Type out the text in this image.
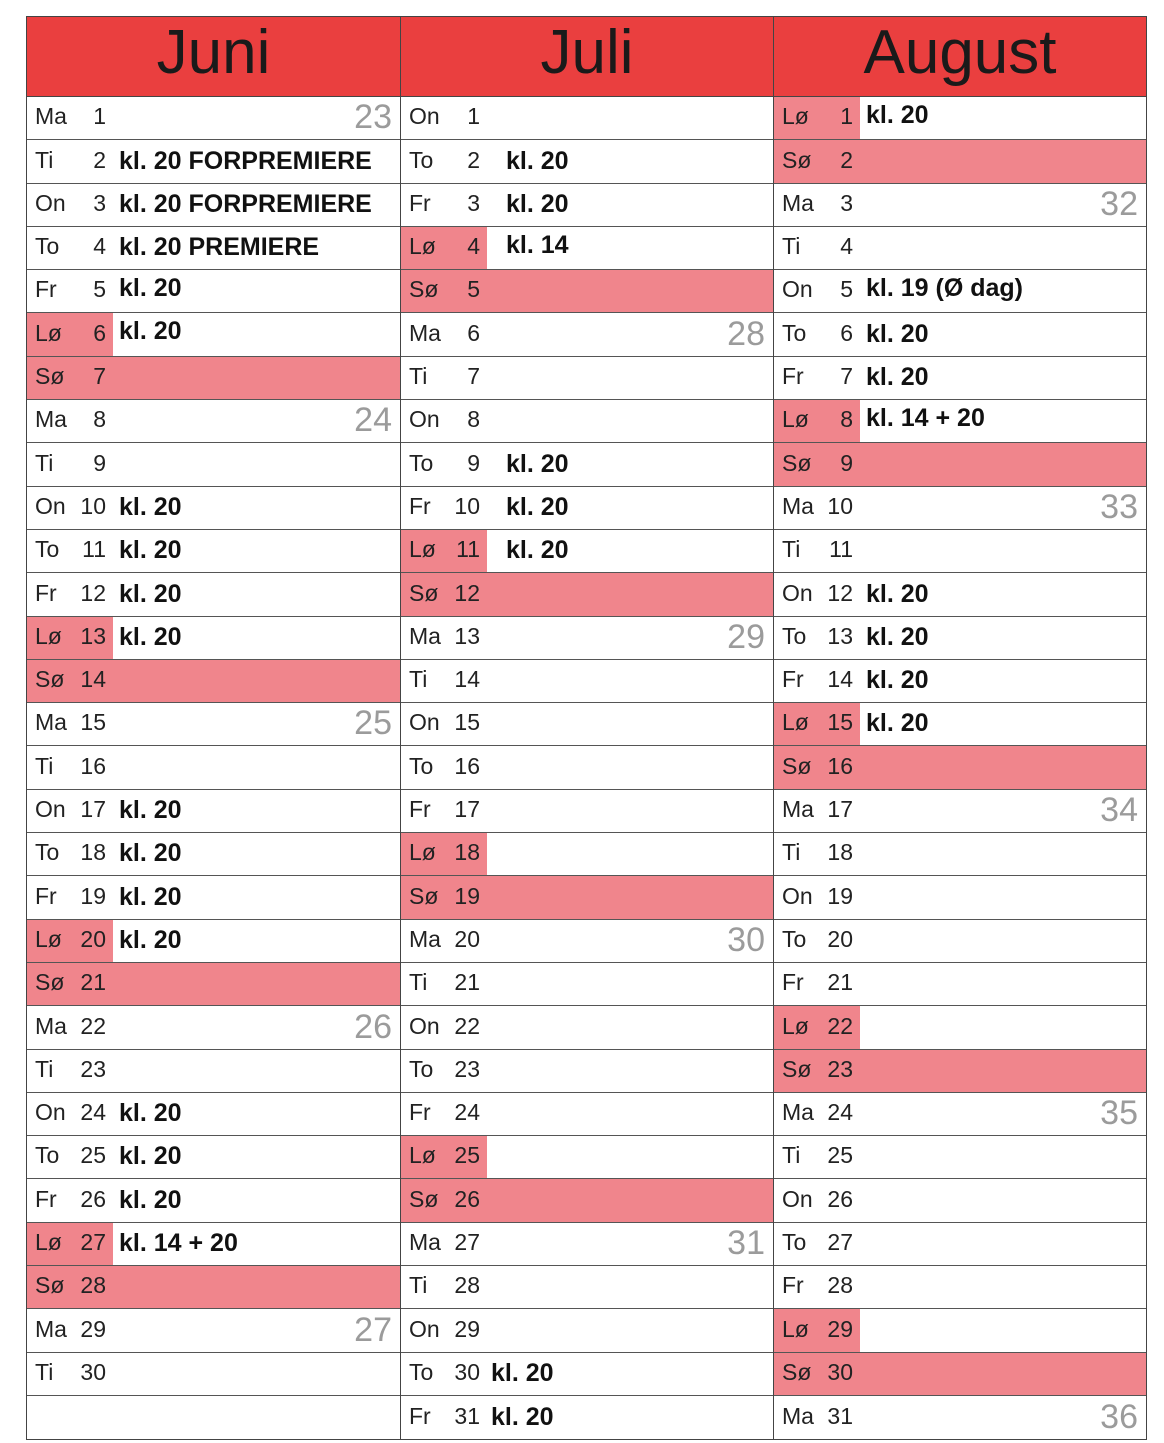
Juni
Ma	1	23
Ti	2 kl. 20 FORPREMIERE
On	3 kl. 20 FORPREMIERE
To	4 kl. 20 PREMIERE
Fr	5 kl. 20
Lø	6 kl. 20
Sø	7
Ma	8	24
Ti	9
On 10 kl. 20
To 11 kl. 20
Fr	12 kl. 20
Lø 13 kl. 20
Sø 14
Ma 15	25
Ti	16
On 17 kl. 20
To 18 kl. 20
Fr	19 kl. 20
Lø 20 kl. 20
Sø 21
Ma 22	26
Ti	23
On 24 kl. 20
To 25 kl. 20
Fr	26 kl. 20
Lø 27 kl. 14 + 20
Sø 28
Ma 29	27
Ti	30
Juli
On	1
To	2 kl. 20
Fr	3 kl. 20
Lø	4 kl. 14
Sø	5
Ma	6	28
Ti	7
On	8
To	9 kl. 20
Fr	10 kl. 20
Lø 11 kl. 20
Sø 12
Ma 13	29
Ti	14
On 15
To 16
Fr	17
Lø 18
Sø 19
Ma 20	30
Ti	21
On 22
To 23
Fr	24
Lø 25
Sø 26
Ma 27	31
Ti	28
On 29
To 30 kl. 20
Fr	31 kl. 20
August
Lø	1 kl. 20
Sø	2
Ma	3	32
Ti	4
On	5 kl. 19 (Ø dag)
To	6 kl. 20
Fr	7 kl. 20
Lø	8 kl. 14 + 20
Sø	9
Ma 10	33
Ti	11
On 12 kl. 20
To 13 kl. 20
Fr	14 kl. 20
Lø 15 kl. 20
Sø 16
Ma 17	34
Ti	18
On 19
To 20
Fr	21
Lø 22
Sø 23
Ma 24	35
Ti	25
On 26
To 27
Fr	28
Lø 29
Sø 30
Ma 31	36
